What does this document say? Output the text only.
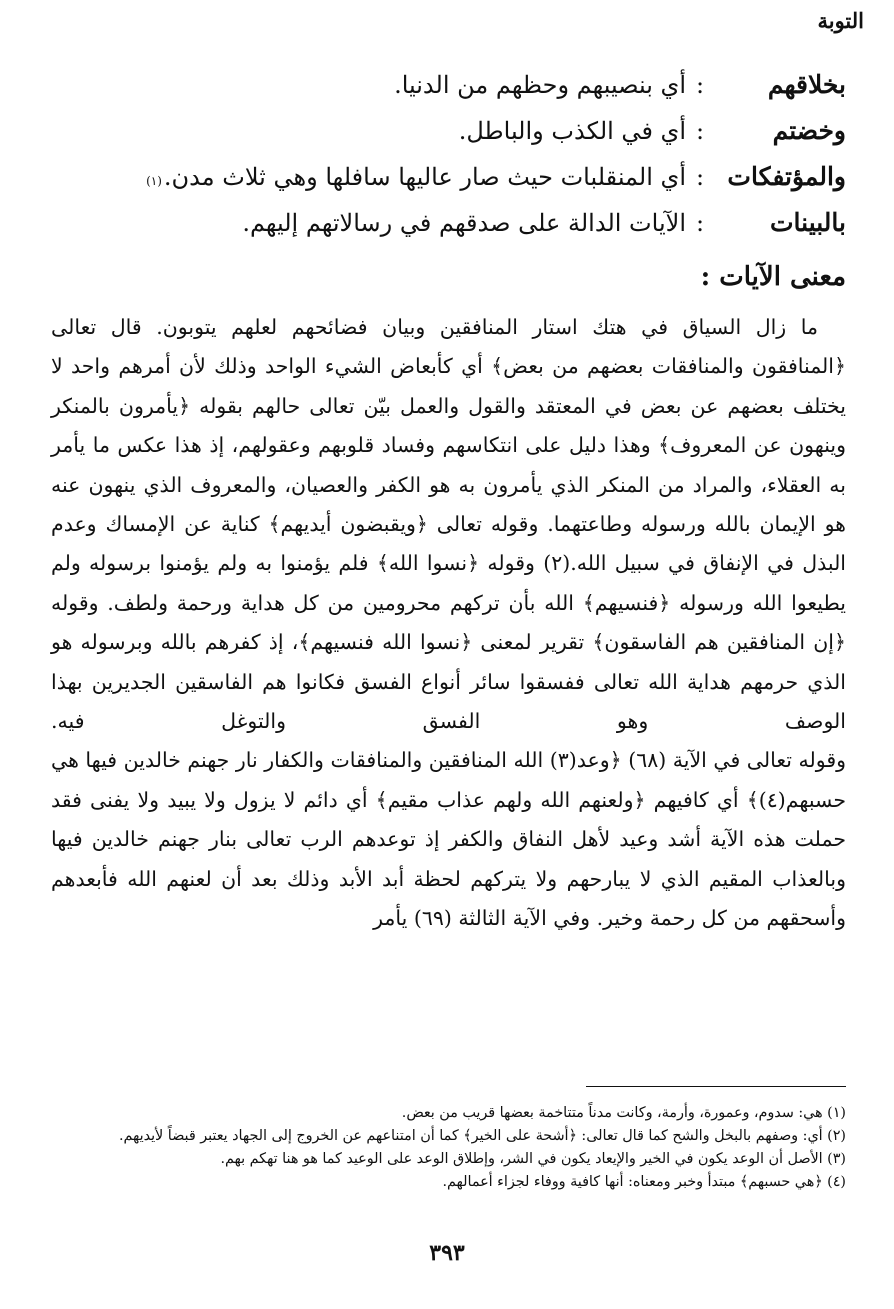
التوبة
بخلاقهم
:
أي بنصيبهم وحظهم من الدنيا.
وخضتم
:
أي في الكذب والباطل.
والمؤتفكات
:
أي المنقلبات حيث صار عاليها سافلها وهي ثلاث مدن.
(١)
بالبينات
:
الآيات الدالة على صدقهم في رسالاتهم إليهم.
معنى الآيات :

ما زال السياق في هتك استار المنافقين وبيان فضائحهم لعلهم يتوبون. قال تعالى ﴿المنافقون والمنافقات بعضهم من بعض﴾ أي كأبعاض الشيء الواحد وذلك لأن أمرهم واحد لا يختلف بعضهم عن بعض في المعتقد والقول والعمل بيّن تعالى حالهم بقوله ﴿يأمرون بالمنكر وينهون عن المعروف﴾ وهذا دليل على انتكاسهم وفساد قلوبهم وعقولهم، إذ هذا عكس ما يأمر به العقلاء، والمراد من المنكر الذي يأمرون به هو الكفر والعصيان، والمعروف الذي ينهون عنه هو الإيمان بالله ورسوله وطاعتهما. وقوله تعالى ﴿ويقبضون أيديهم﴾ كناية عن الإمساك وعدم البذل في الإنفاق في سبيل الله.(٢) وقوله ﴿نسوا الله﴾ فلم يؤمنوا به ولم يؤمنوا برسوله ولم يطيعوا الله ورسوله ﴿فنسيهم﴾ الله بأن تركهم محرومين من كل هداية ورحمة ولطف. وقوله ﴿إن المنافقين هم الفاسقون﴾ تقرير لمعنى ﴿نسوا الله فنسيهم﴾، إذ كفرهم بالله وبرسوله هو الذي حرمهم هداية الله تعالى ففسقوا سائر أنواع الفسق فكانوا هم الفاسقين الجديرين بهذا الوصف وهو الفسق والتوغل فيه.

وقوله تعالى في الآية (٦٨) ﴿وعد(٣) الله المنافقين والمنافقات والكفار نار جهنم خالدين فيها هي حسبهم(٤)﴾ أي كافيهم ﴿ولعنهم الله ولهم عذاب مقيم﴾ أي دائم لا يزول ولا يبيد ولا يفنى فقد حملت هذه الآية أشد وعيد لأهل النفاق والكفر إذ توعدهم الرب تعالى بنار جهنم خالدين فيها وبالعذاب المقيم الذي لا يبارحهم ولا يتركهم لحظة أبد الأبد وذلك بعد أن لعنهم الله فأبعدهم وأسحقهم من كل رحمة وخير. وفي الآية الثالثة (٦٩) يأمر

(١) هي: سدوم، وعمورة، وأرمة، وكانت مدناً متتاخمة بعضها قريب من بعض.

(٢) أي: وصفهم بالبخل والشح كما قال تعالى: ﴿أشحة على الخير﴾ كما أن امتناعهم عن الخروج إلى الجهاد يعتبر قبضاً لأيديهم.

(٣) الأصل أن الوعد يكون في الخير والإيعاد يكون في الشر، وإطلاق الوعد على الوعيد كما هو هنا تهكم بهم.

(٤) ﴿هي حسبهم﴾ مبتدأ وخبر ومعناه: أنها كافية ووفاء لجزاء أعمالهم.

٣٩٣
